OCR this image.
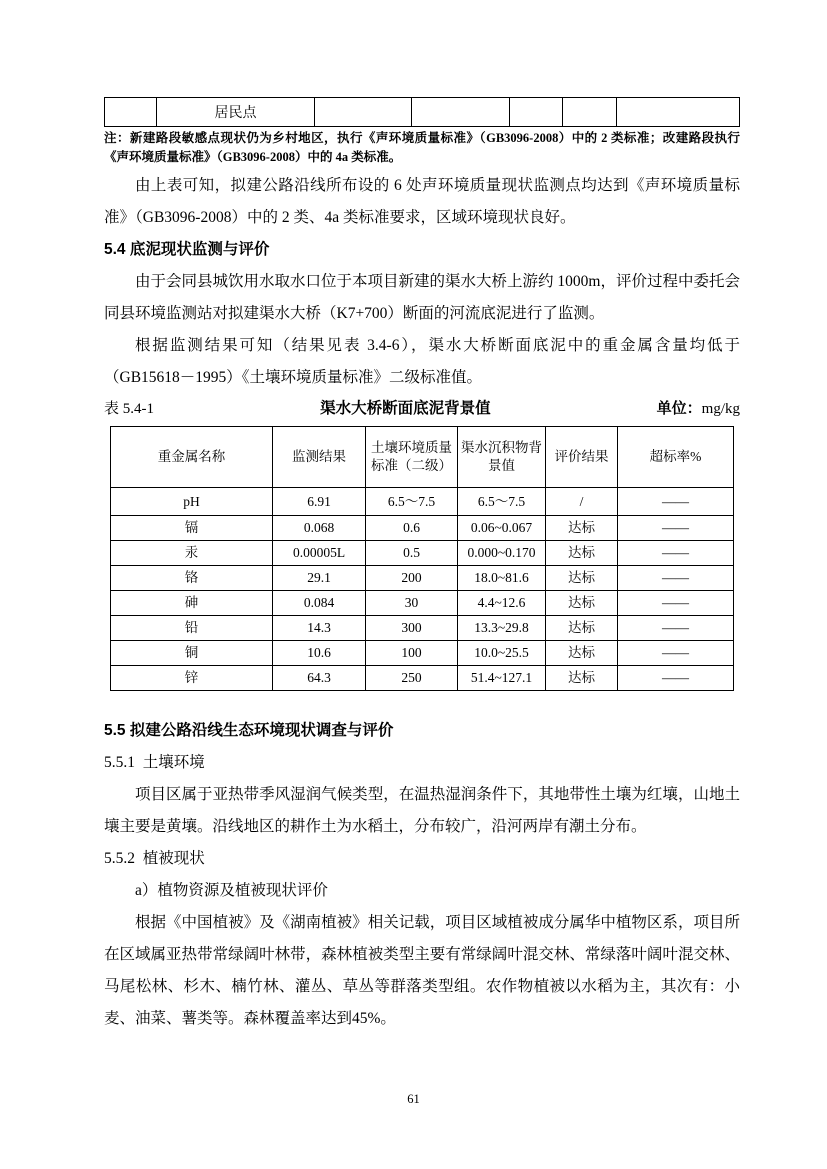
	居民点					
注：新建路段敏感点现状仍为乡村地区，执行《声环境质量标准》（GB3096-2008）中的 2 类标准；改建路段执行《声环境质量标准》（GB3096-2008）中的 4a 类标准。

由上表可知，拟建公路沿线所布设的 6 处声环境质量现状监测点均达到《声环境质量标准》（GB3096-2008）中的 2 类、4a 类标准要求，区域环境现状良好。

5.4 底泥现状监测与评价

由于会同县城饮用水取水口位于本项目新建的渠水大桥上游约 1000m，评价过程中委托会同县环境监测站对拟建渠水大桥（K7+700）断面的河流底泥进行了监测。

根据监测结果可知（结果见表 3.4-6），渠水大桥断面底泥中的重金属含量均低于（GB15618－1995）《土壤环境质量标准》二级标准值。

表 5.4-1	渠水大桥断面底泥背景值	单位：mg/kg
重金属名称	监测结果	土壤环境质量标准（二级）	渠水沉积物背景值	评价结果	超标率%
pH	6.91	6.5～7.5	6.5～7.5	/	——
镉	0.068	0.6	0.06~0.067	达标	——
汞	0.00005L	0.5	0.000~0.170	达标	——
铬	29.1	200	18.0~81.6	达标	——
砷	0.084	30	4.4~12.6	达标	——
铅	14.3	300	13.3~29.8	达标	——
铜	10.6	100	10.0~25.5	达标	——
锌	64.3	250	51.4~127.1	达标	——
5.5 拟建公路沿线生态环境现状调查与评价
5.5.1  土壤环境

项目区属于亚热带季风湿润气候类型，在温热湿润条件下，其地带性土壤为红壤，山地土壤主要是黄壤。沿线地区的耕作土为水稻土，分布较广，沿河两岸有潮土分布。

5.5.2  植被现状

a）植物资源及植被现状评价

根据《中国植被》及《湖南植被》相关记载，项目区域植被成分属华中植物区系，项目所在区域属亚热带常绿阔叶林带，森林植被类型主要有常绿阔叶混交林、常绿落叶阔叶混交林、马尾松林、杉木、楠竹林、灌丛、草丛等群落类型组。农作物植被以水稻为主，其次有：小麦、油菜、薯类等。森林覆盖率达到45%。

61
